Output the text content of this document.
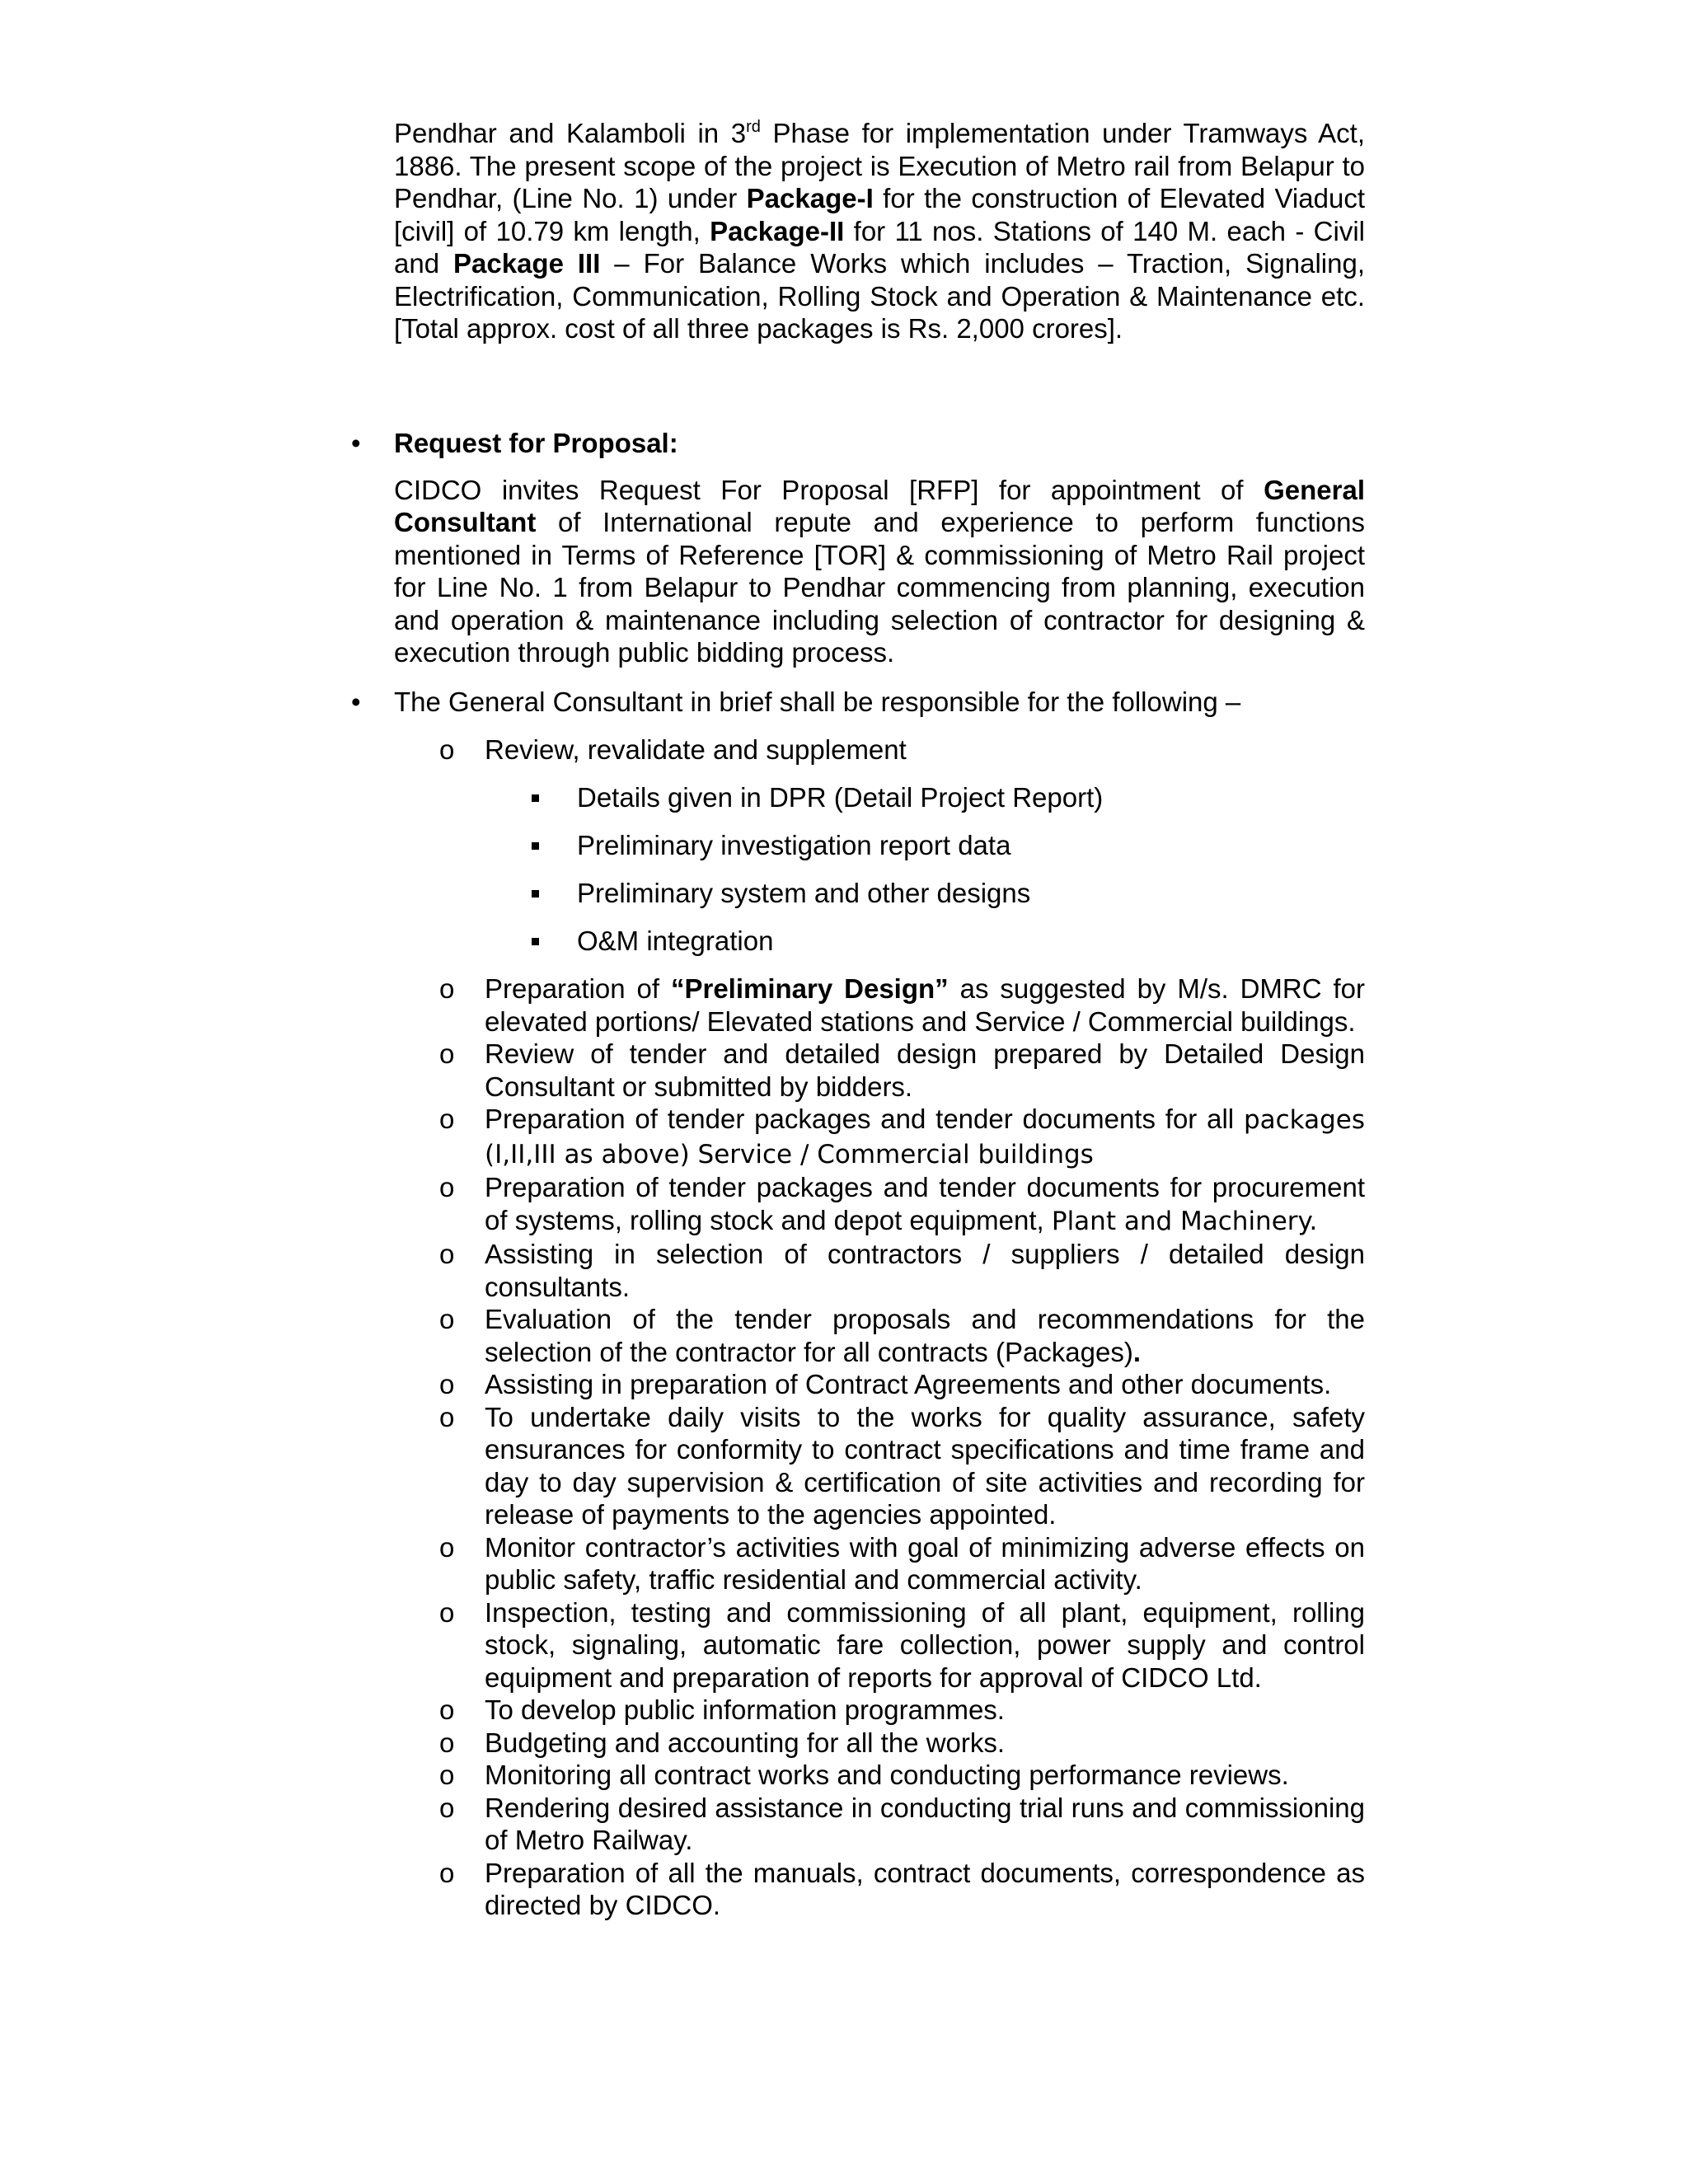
Pendhar and Kalamboli in 3rd Phase for implementation under Tramways Act, 1886. The present scope of the project is Execution of Metro rail from Belapur to Pendhar, (Line No. 1) under Package-I for the construction of Elevated Viaduct [civil] of 10.79 km length, Package-II for 11 nos. Stations of 140 M. each - Civil and Package III – For Balance Works which includes – Traction, Signaling, Electrification, Communication, Rolling Stock and Operation & Maintenance etc. [Total approx. cost of all three packages is Rs. 2,000 crores].

• Request for Proposal:

CIDCO invites Request For Proposal [RFP] for appointment of General Consultant of International repute and experience to perform functions mentioned in Terms of Reference [TOR] & commissioning of Metro Rail project for Line No. 1 from Belapur to Pendhar commencing from planning, execution and operation & maintenance including selection of contractor for designing & execution through public bidding process.

• The General Consultant in brief shall be responsible for the following –
o Review, revalidate and supplement
Details given in DPR (Detail Project Report)
Preliminary investigation report data
Preliminary system and other designs
O&M integration
o Preparation of “Preliminary Design” as suggested by M/s. DMRC for elevated portions/ Elevated stations and Service / Commercial buildings.
o Review of tender and detailed design prepared by Detailed Design Consultant or submitted by bidders.
o Preparation of tender packages and tender documents for all packages (I,II,III as above) Service / Commercial buildings
o Preparation of tender packages and tender documents for procurement of systems, rolling stock and depot equipment, Plant and Machinery.
o Assisting in selection of contractors / suppliers / detailed design consultants.
o Evaluation of the tender proposals and recommendations for the selection of the contractor for all contracts (Packages).
o Assisting in preparation of Contract Agreements and other documents.
o To undertake daily visits to the works for quality assurance, safety ensurances for conformity to contract specifications and time frame and day to day supervision & certification of site activities and recording for release of payments to the agencies appointed.
o Monitor contractor’s activities with goal of minimizing adverse effects on public safety, traffic residential and commercial activity.
o Inspection, testing and commissioning of all plant, equipment, rolling stock, signaling, automatic fare collection, power supply and control equipment and preparation of reports for approval of CIDCO Ltd.
o To develop public information programmes.
o Budgeting and accounting for all the works.
o Monitoring all contract works and conducting performance reviews.
o Rendering desired assistance in conducting trial runs and commissioning of Metro Railway.
o Preparation of all the manuals, contract documents, correspondence as directed by CIDCO.
